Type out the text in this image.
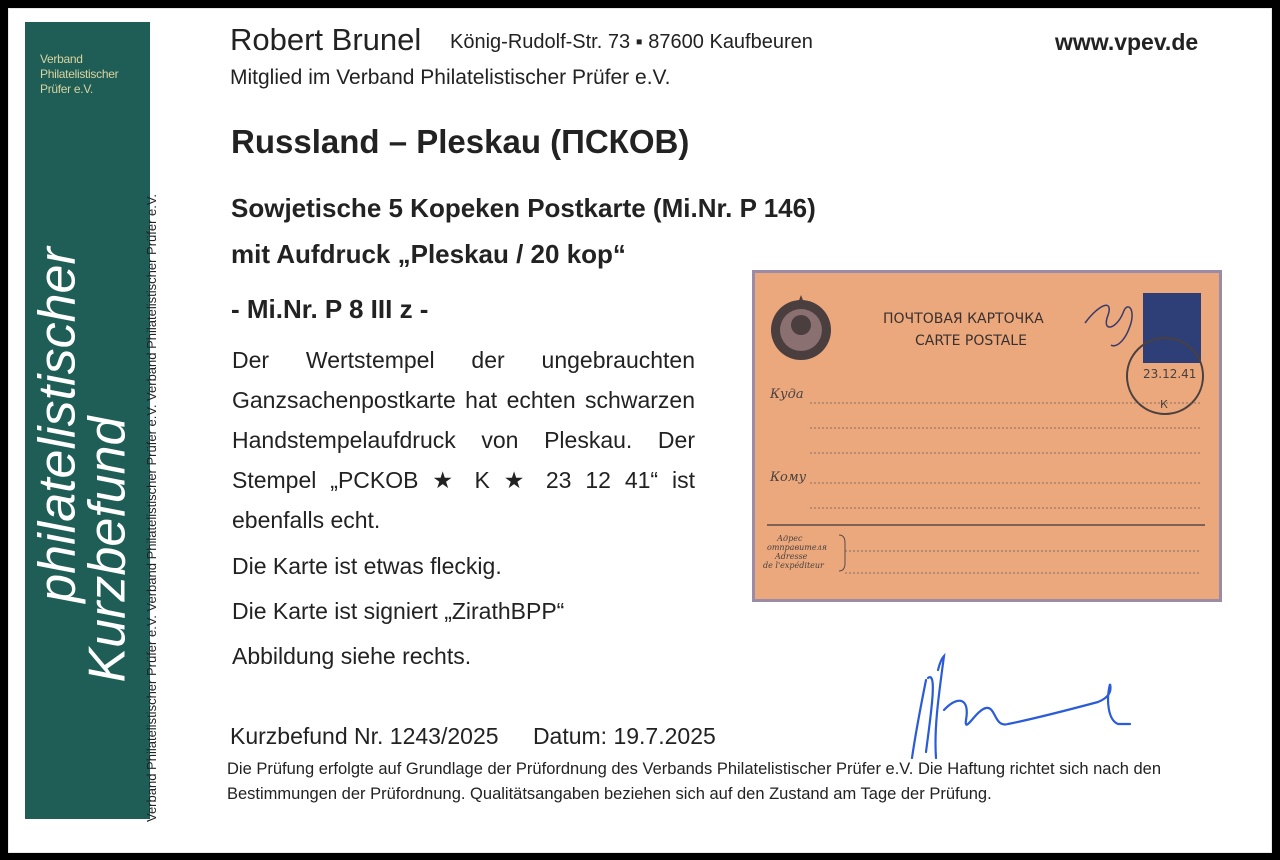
Verband
Philatelistischer
Prüfer e.V.
philatelistischer
Kurzbefund Verband Philatelistischer Prüfer e.V. Verband Philatelistischer Prüfer e.V. Verband Philatelistischer Prüfer e.V.
Robert Brunel König-Rudolf-Str. 73 ▪ 87600 Kaufbeuren
Mitglied im Verband Philatelistischer Prüfer e.V.
www.vpev.de
Russland – Pleskau (ПСКОВ)
Sowjetische 5 Kopeken Postkarte (Mi.Nr. P 146)
mit Aufdruck „Pleskau / 20 kop“
- Mi.Nr. P 8 III z -
Der Wertstempel der ungebrauchten Ganzsachenpostkarte hat echten schwarzen Handstempelaufdruck von Pleskau. Der Stempel „PCKOB ★ K ★ 23 12 41“ ist ebenfalls echt.
Die Karte ist etwas fleckig.
Die Karte ist signiert „ZirathBPP“
Abbildung siehe rechts.
Kurzbefund Nr. 1243/2025 Datum: 19.7.2025
Die Prüfung erfolgte auf Grundlage der Prüfordnung des Verbands Philatelistischer Prüfer e.V. Die Haftung richtet sich nach den Bestimmungen der Prüfordnung. Qualitätsangaben beziehen sich auf den Zustand am Tage der Prüfung.
ПОЧТОВАЯ КАРТОЧКА
CARTE POSTALE
23.12.41
К
Куда
Кому
Адрес
отправителя
Adresse
de l'expéditeur
